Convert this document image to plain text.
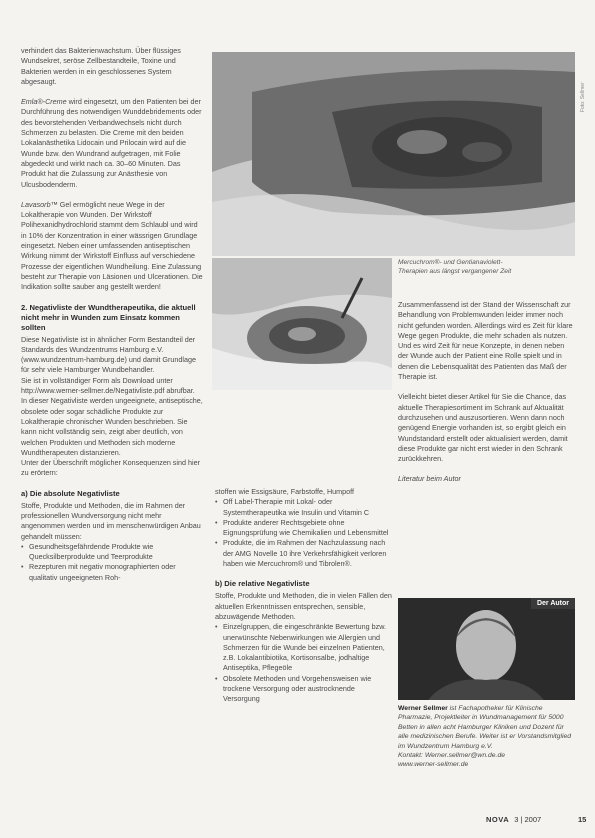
verhindert das Bakterienwachstum. Über flüssiges Wundsekret, seröse Zellbestandteile, Toxine und Bakterien werden in ein geschlossenes System abgesaugt.

Emla®-Creme wird eingesetzt, um den Patienten bei der Durchführung des notwendigen Wunddebridements oder des bevorstehenden Verbandwechsels nicht durch Schmerzen zu belasten. Die Creme mit den beiden Lokalanästhetika Lidocain und Prilocain wird auf die Wunde bzw. den Wundrand aufgetragen, mit Folie abgedeckt und wirkt nach ca. 30–60 Minuten. Das Produkt hat die Zulassung zur Anästhesie von Ulcusbodenderm.

Lavasorb™ Gel ermöglicht neue Wege in der Lokaltherapie von Wunden. Der Wirkstoff Polihexanidhydrochlorid stammt dem Schlaubl und wird in 10% der Konzentration in einer wässrigen Grundlage eingesetzt. Neben einer umfassenden antiseptischen Wirkung nimmt der Wirkstoff Einfluss auf verschiedene Prozesse der eigentlichen Wundheilung. Eine Zulassung besteht zur Therapie von Läsionen und Ulcerationen. Die Indikation sollte sauber ang gestellt werden!

2. Negativliste der Wundtherapeutika, die aktuell nicht mehr in Wunden zum Einsatz kommen sollten

Diese Negativliste ist in ähnlicher Form Bestandteil der Standards des Wundzentrums Hamburg e.V. (www.wundzentrum-hamburg.de) und damit Grundlage für sehr viele Hamburger Wundbehandler.

Sie ist in vollständiger Form als Download unter http://www.werner-sellmer.de/Negativliste.pdf abrufbar.

In dieser Negativliste werden ungeeignete, antiseptische, obsolete oder sogar schädliche Produkte zur Lokaltherapie chronischer Wunden beschrieben. Sie kann nicht vollständig sein, zeigt aber deutlich, von welchen Produkten und Methoden sich moderne Wundtherapeuten distanzieren.

Unter der Überschrift möglicher Konsequenzen sind hier zu erörtern:

a) Die absolute Negativliste

Stoffe, Produkte und Methoden, die im Rahmen der professionellen Wundversorgung nicht mehr angenommen werden und im menschenwürdigen Anbau gehandelt müssen:

• Gesundheitsgefährdende Produkte wie Quecksilberprodukte und Teerprodukte
• Rezepturen mit negativ monographierten oder qualitativ ungeeigneten Roh-
Foto: Sellmer
Mercuchrom®- und Gentianaviolett-Therapien aus längst vergangener Zeit

stoffen wie Essigsäure, Farbstoffe, Humpoff

• Off Label-Therapie mit Lokal- oder Systemtherapeutika wie Insulin und Vitamin C
• Produkte anderer Rechtsgebiete ohne Eignungsprüfung wie Chemikalien und Lebensmittel
• Produkte, die im Rahmen der Nachzulassung nach der AMG Novelle 10 ihre Verkehrsfähigkeit verloren haben wie Mercuchrom® und Tibrolen®.
b) Die relative Negativliste

Stoffe, Produkte und Methoden, die in vielen Fällen den aktuellen Erkenntnissen entsprechen, sensible, abzuwägende Methoden.

• Einzelgruppen, die eingeschränkte Bewertung bzw. unerwünschte Nebenwirkungen wie Allergien und Schmerzen für die Wunde bei einzelnen Patienten, z.B. Lokalantibiotika, Kortisonsalbe, jodhaltige Antiseptika, Pflegeöle
• Obsolete Methoden und Vorgehensweisen wie trockene Versorgung oder austrocknende Versorgung

Zusammenfassend ist der Stand der Wissenschaft zur Behandlung von Problemwunden leider immer noch nicht gefunden worden. Allerdings wird es Zeit für klare Wege gegen Produkte, die mehr schaden als nutzen. Und es wird Zeit für neue Konzepte, in denen neben der Wunde auch der Patient eine Rolle spielt und in denen die Lebensqualität des Patienten das Maß der Therapie ist.

Vielleicht bietet dieser Artikel für Sie die Chance, das aktuelle Therapiesortiment im Schrank auf Aktualität durchzusehen und auszusortieren. Wenn dann noch genügend Energie vorhanden ist, so ergibt gleich ein Wundstandard erstellt oder aktualisiert werden, damit diese Produkte gar nicht erst wieder in den Schrank zurückkehren.

Literatur beim Autor

Der Autor
Werner Sellmer ist Fachapotheker für Klinische Pharmazie, Projektleiter in Wundmanagement für 5000 Betten in allen acht Hamburger Kliniken und Dozent für alle medizinischen Berufe. Weiter ist er Vorstandsmitglied im Wundzentrum Hamburg e.V.
Kontakt: Werner.sellmer@wn.de.de
www.werner-sellmer.de
NOVA 3 | 2007	15
